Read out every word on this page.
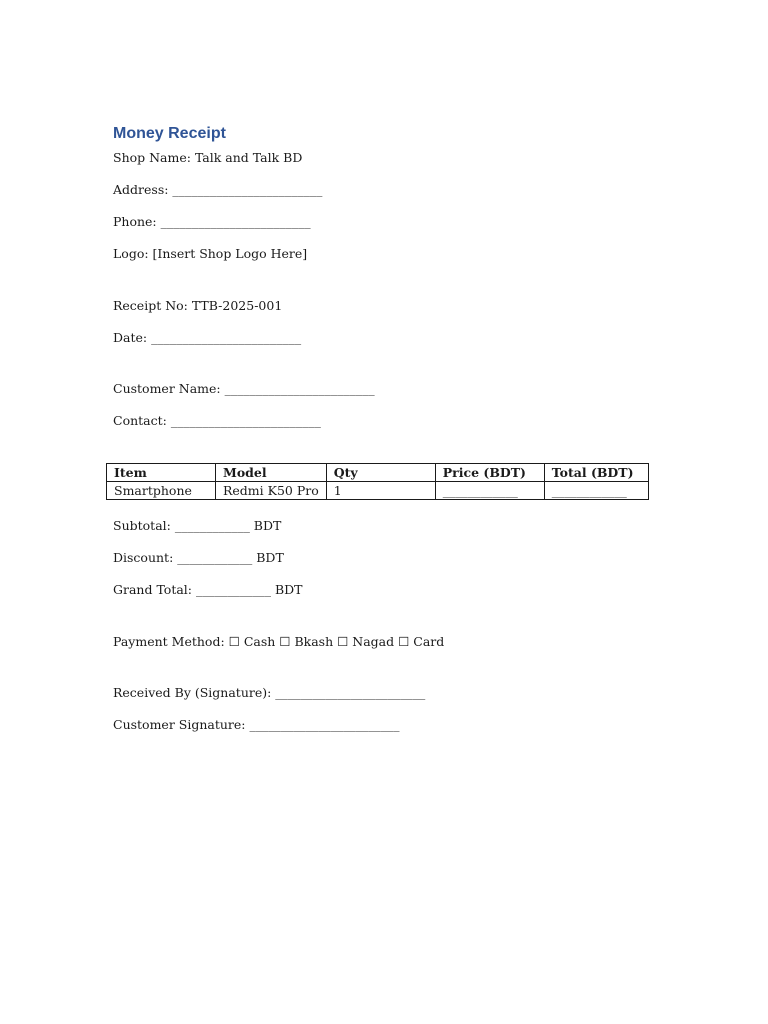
Money Receipt
Shop Name: Talk and Talk BD
Address: ________________________
Phone: ________________________
Logo: [Insert Shop Logo Here]
Receipt No: TTB-2025-001
Date: ________________________
Customer Name: ________________________
Contact: ________________________
Item	Model	Qty	Price (BDT)	Total (BDT)
Smartphone	Redmi K50 Pro	1	____________	____________
Subtotal: ____________ BDT
Discount: ____________ BDT
Grand Total: ____________ BDT
Payment Method: ☐ Cash ☐ Bkash ☐ Nagad ☐ Card
Received By (Signature): ________________________
Customer Signature: ________________________
